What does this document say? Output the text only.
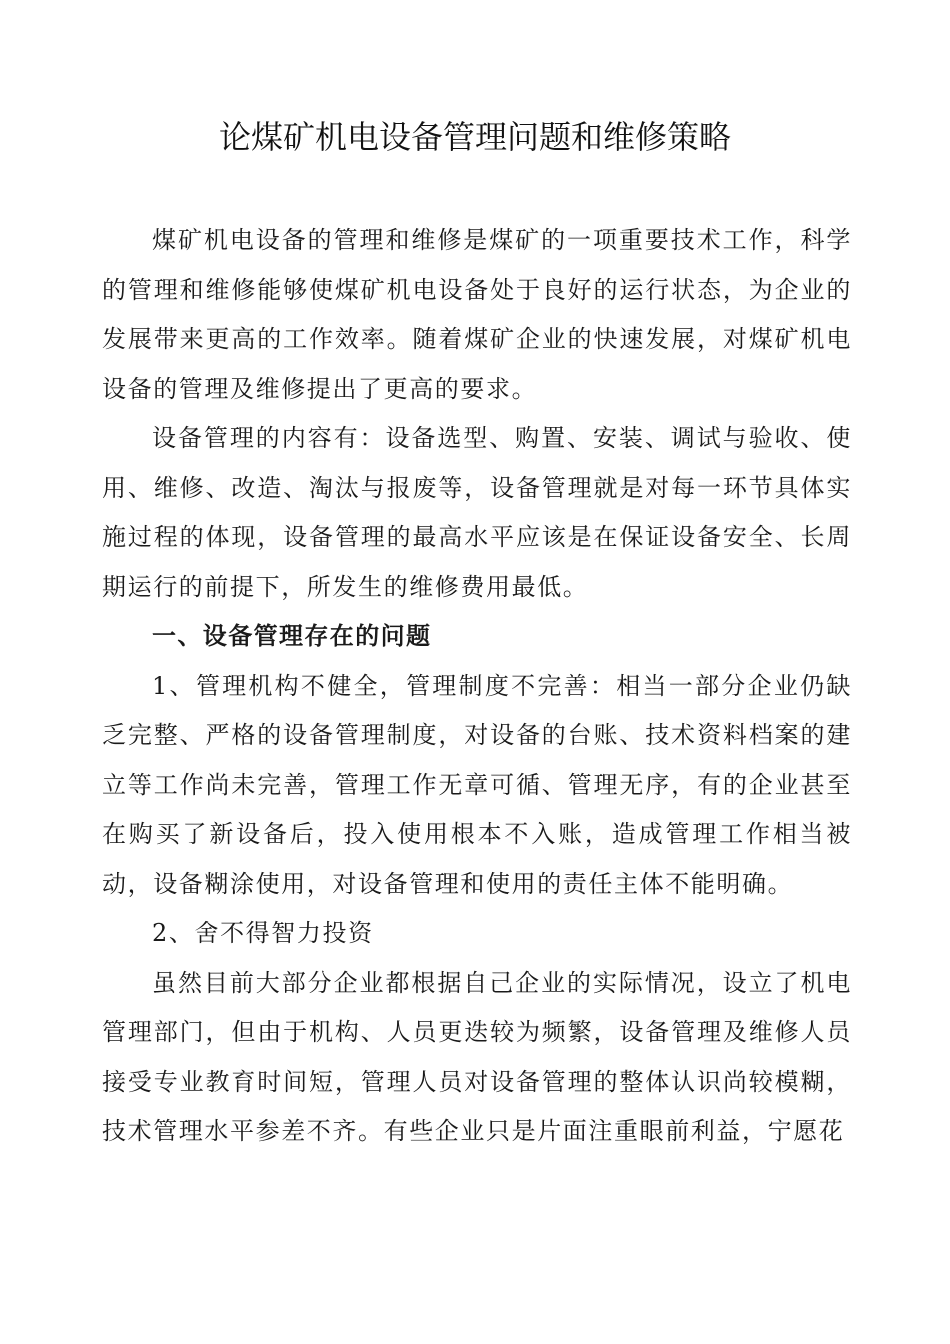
论煤矿机电设备管理问题和维修策略

煤矿机电设备的管理和维修是煤矿的一项重要技术工作，科学的管理和维修能够使煤矿机电设备处于良好的运行状态，为企业的发展带来更高的工作效率。随着煤矿企业的快速发展，对煤矿机电设备的管理及维修提出了更高的要求。

设备管理的内容有：设备选型、购置、安装、调试与验收、使用、维修、改造、淘汰与报废等，设备管理就是对每一环节具体实施过程的体现，设备管理的最高水平应该是在保证设备安全、长周期运行的前提下，所发生的维修费用最低。

一、设备管理存在的问题

1、管理机构不健全，管理制度不完善：相当一部分企业仍缺乏完整、严格的设备管理制度，对设备的台账、技术资料档案的建立等工作尚未完善，管理工作无章可循、管理无序，有的企业甚至在购买了新设备后，投入使用根本不入账，造成管理工作相当被动，设备糊涂使用，对设备管理和使用的责任主体不能明确。

2、舍不得智力投资

虽然目前大部分企业都根据自己企业的实际情况，设立了机电管理部门，但由于机构、人员更迭较为频繁，设备管理及维修人员接受专业教育时间短，管理人员对设备管理的整体认识尚较模糊，技术管理水平参差不齐。有些企业只是片面注重眼前利益，宁愿花
